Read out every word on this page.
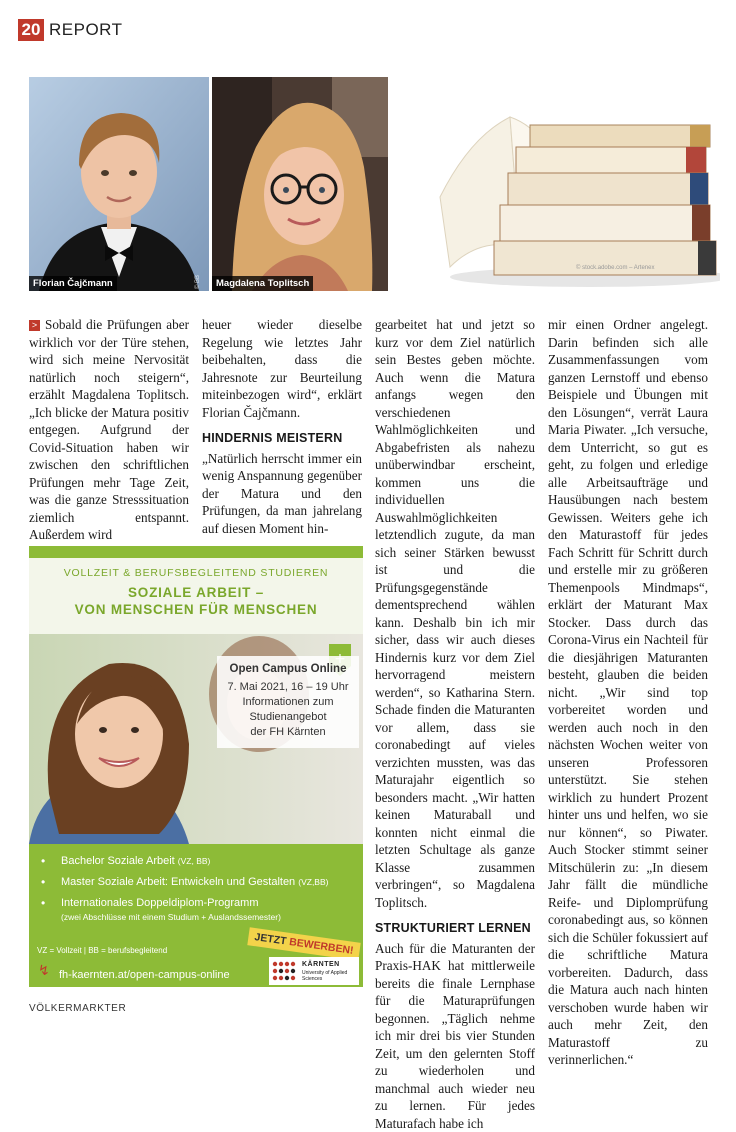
20 REPORT
Florian Čajčmann	© BB	Magdalena Toplitsch
© stock.adobe.com – Artenex

> Sobald die Prüfungen aber wirklich vor der Türe stehen, wird sich meine Nervosität natürlich noch steigern“, erzählt Magdalena Toplitsch. „Ich blicke der Matura positiv entgegen. Aufgrund der Covid-Situation haben wir zwischen den schriftlichen Prüfungen mehr Tage Zeit, was die ganze Stresssituation ziemlich entspannt. Außerdem wird

heuer wieder dieselbe Regelung wie letztes Jahr beibehalten, dass die Jahresnote zur Beurteilung miteinbezogen wird“, erklärt Florian Čajčmann.

HINDERNIS MEISTERN

„Natürlich herrscht immer ein wenig Anspannung gegenüber der Matura und den Prüfungen, da man jahrelang auf diesen Moment hin-

gearbeitet hat und jetzt so kurz vor dem Ziel natürlich sein Bestes geben möchte. Auch wenn die Matura anfangs wegen den verschiedenen Wahlmöglichkeiten und Abgabefristen als nahezu unüberwindbar erscheint, kommen uns die individuellen Auswahlmöglichkeiten letztendlich zugute, da man sich seiner Stärken bewusst ist und die Prüfungsgegenstände dementsprechend wählen kann. Deshalb bin ich mir sicher, dass wir auch dieses Hindernis kurz vor dem Ziel hervorragend meistern werden“, so Katharina Stern. Schade finden die Maturanten vor allem, dass sie coronabedingt auf vieles verzichten mussten, was das Maturajahr eigentlich so besonders macht. „Wir hatten keinen Maturaball und konnten nicht einmal die letzten Schultage als ganze Klasse zusammen verbringen“, so Magdalena Toplitsch.

STRUKTURIERT LERNEN

Auch für die Maturanten der Praxis-HAK hat mittlerweile bereits die finale Lernphase für die Maturaprüfungen begonnen. „Täglich nehme ich mir drei bis vier Stunden Zeit, um den gelernten Stoff zu wiederholen und manchmal auch wieder neu zu lernen. Für jedes Maturafach habe ich

mir einen Ordner angelegt. Darin befinden sich alle Zusammenfassungen vom ganzen Lernstoff und ebenso Beispiele und Übungen mit den Lösungen“, verrät Laura Maria Piwater. „Ich versuche, dem Unterricht, so gut es geht, zu folgen und erledige alle Arbeitsaufträge und Hausübungen nach bestem Gewissen. Weiters gehe ich den Maturastoff für jedes Fach Schritt für Schritt durch und erstelle mir zu größeren Themenpools Mindmaps“, erklärt der Maturant Max Stocker. Dass durch das Corona-Virus ein Nachteil für die diesjährigen Maturanten besteht, glauben die beiden nicht. „Wir sind top vorbereitet worden und werden auch noch in den nächsten Wochen weiter von unseren Professoren unterstützt. Sie stehen wirklich zu hundert Prozent hinter uns und helfen, wo sie nur können“, so Piwater. Auch Stocker stimmt seiner Mitschülerin zu: „In diesem Jahr fällt die mündliche Reife- und Diplomprüfung coronabedingt aus, so können sich die Schüler fokussiert auf die schriftliche Matura vorbereiten. Dadurch, dass die Matura auch nach hinten verschoben wurde haben wir auch mehr Zeit, den Maturastoff zu verinnerlichen.“

VOLLZEIT & BERUFSBEGLEITEND STUDIEREN
SOZIALE ARBEIT –
VON MENSCHEN FÜR MENSCHEN
Open Campus Online
7. Mai 2021, 16 – 19 Uhr
Informationen zum
Studienangebot
der FH Kärnten
• Bachelor Soziale Arbeit (VZ, BB)
• Master Soziale Arbeit: Entwickeln und Gestalten (VZ,BB)
• Internationales Doppeldiplom-Programm
(zwei Abschlüsse mit einem Studium + Auslandssemester)
VZ = Vollzeit | BB = berufsbegleitend
JETZT BEWERBEN!
↯ fh-kaernten.at/open-campus-online
KÄRNTEN
University of Applied Sciences
VÖLKERMARKTER
